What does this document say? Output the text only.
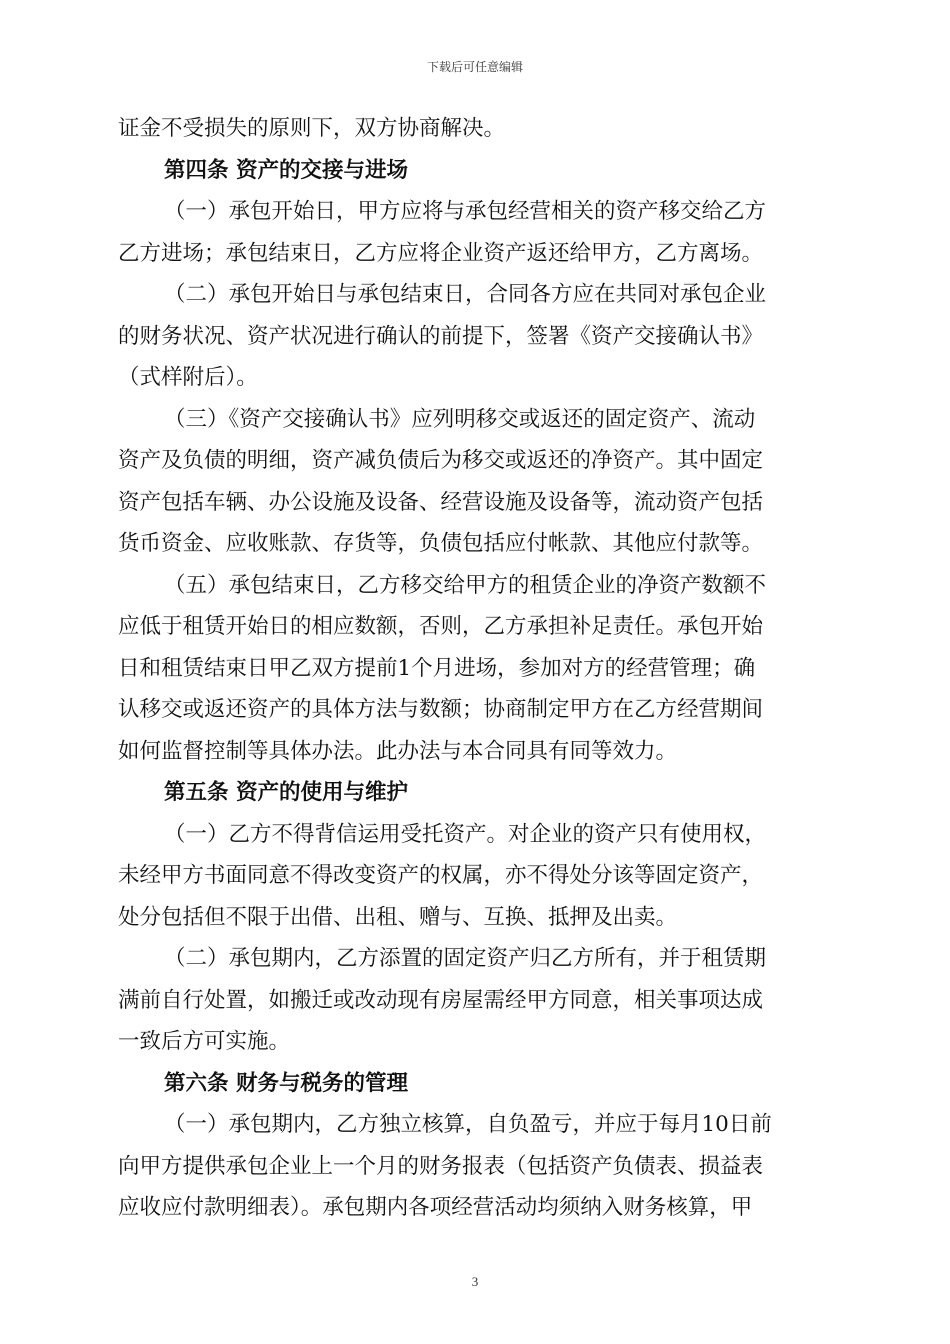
下载后可任意编辑
证金不受损失的原则下，双方协商解决。
第四条 资产的交接与进场
（一）承包开始日，甲方应将与承包经营相关的资产移交给乙方
乙方进场；承包结束日，乙方应将企业资产返还给甲方，乙方离场。
（二）承包开始日与承包结束日，合同各方应在共同对承包企业
的财务状况、资产状况进行确认的前提下，签署《资产交接确认书》
（式样附后）。
（三）《资产交接确认书》应列明移交或返还的固定资产、流动
资产及负债的明细，资产减负债后为移交或返还的净资产。其中固定
资产包括车辆、办公设施及设备、经营设施及设备等，流动资产包括
货币资金、应收账款、存货等，负债包括应付帐款、其他应付款等。
（五）承包结束日，乙方移交给甲方的租赁企业的净资产数额不
应低于租赁开始日的相应数额，否则，乙方承担补足责任。承包开始
日和租赁结束日甲乙双方提前1个月进场，参加对方的经营管理；确
认移交或返还资产的具体方法与数额；协商制定甲方在乙方经营期间
如何监督控制等具体办法。此办法与本合同具有同等效力。
第五条 资产的使用与维护
（一）乙方不得背信运用受托资产。对企业的资产只有使用权，
未经甲方书面同意不得改变资产的权属，亦不得处分该等固定资产，
处分包括但不限于出借、出租、赠与、互换、抵押及出卖。
（二）承包期内，乙方添置的固定资产归乙方所有，并于租赁期
满前自行处置，如搬迁或改动现有房屋需经甲方同意，相关事项达成
一致后方可实施。
第六条 财务与税务的管理
（一）承包期内，乙方独立核算，自负盈亏，并应于每月10日前
向甲方提供承包企业上一个月的财务报表（包括资产负债表、损益表
应收应付款明细表）。承包期内各项经营活动均须纳入财务核算，甲
3
